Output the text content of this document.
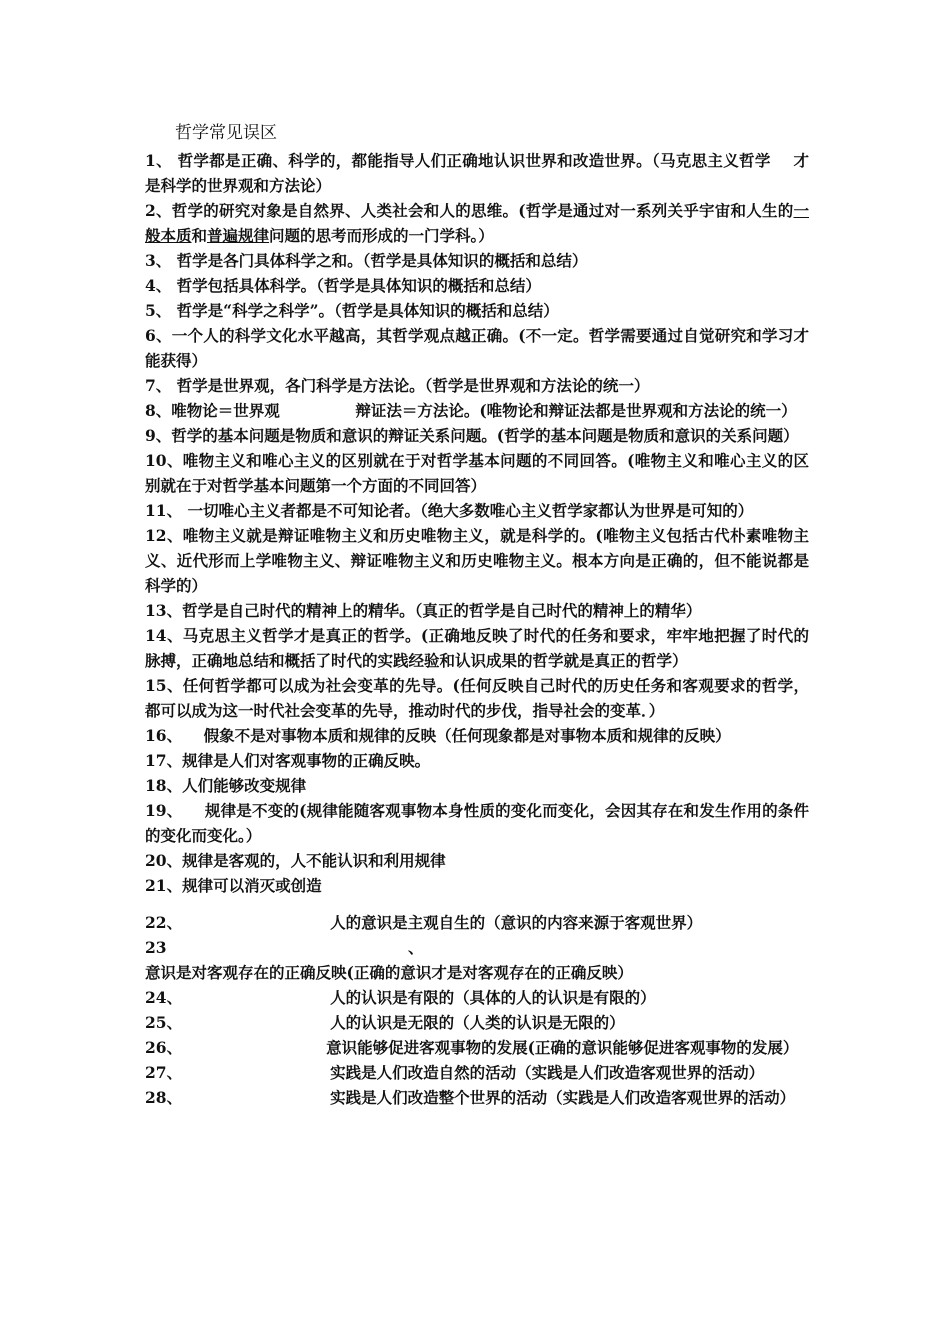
哲学常见误区

1、 哲学都是正确、科学的，都能指导人们正确地认识世界和改造世界。（马克思主义哲学    才是科学的世界观和方法论）

2、哲学的研究对象是自然界、人类社会和人的思维。(哲学是通过对一系列关乎宇宙和人生的一般本质和普遍规律问题的思考而形成的一门学科。）

3、 哲学是各门具体科学之和。（哲学是具体知识的概括和总结）

4、 哲学包括具体科学。（哲学是具体知识的概括和总结）

5、 哲学是“科学之科学”。（哲学是具体知识的概括和总结）

6、一个人的科学文化水平越高，其哲学观点越正确。(不一定。哲学需要通过自觉研究和学习才能获得）

7、 哲学是世界观，各门科学是方法论。（哲学是世界观和方法论的统一）

8、唯物论＝世界观              辩证法＝方法论。(唯物论和辩证法都是世界观和方法论的统一）

9、哲学的基本问题是物质和意识的辩证关系问题。(哲学的基本问题是物质和意识的关系问题）

10、唯物主义和唯心主义的区别就在于对哲学基本问题的不同回答。(唯物主义和唯心主义的区别就在于对哲学基本问题第一个方面的不同回答）

11、 一切唯心主义者都是不可知论者。（绝大多数唯心主义哲学家都认为世界是可知的）

12、唯物主义就是辩证唯物主义和历史唯物主义，就是科学的。(唯物主义包括古代朴素唯物主义、近代形而上学唯物主义、辩证唯物主义和历史唯物主义。根本方向是正确的，但不能说都是科学的）

13、哲学是自己时代的精神上的精华。（真正的哲学是自己时代的精神上的精华）

14、马克思主义哲学才是真正的哲学。(正确地反映了时代的任务和要求，牢牢地把握了时代的脉搏，正确地总结和概括了时代的实践经验和认识成果的哲学就是真正的哲学）

15、任何哲学都可以成为社会变革的先导。(任何反映自己时代的历史任务和客观要求的哲学，都可以成为这一时代社会变革的先导，推动时代的步伐，指导社会的变革．）

16、    假象不是对事物本质和规律的反映（任何现象都是对事物本质和规律的反映）

17、规律是人们对客观事物的正确反映。

18、人们能够改变规律

19、    规律是不变的(规律能随客观事物本身性质的变化而变化，会因其存在和发生作用的条件的变化而变化。）

20、规律是客观的，人不能认识和利用规律

21、规律可以消灭或创造

22、	人的意识是主观自生的（意识的内容来源于客观世界）

23、意识是对客观存在的正确反映(正确的意识才是对客观存在的正确反映）

24、	人的认识是有限的（具体的人的认识是有限的）

25、	人的认识是无限的（人类的认识是无限的）

26、	意识能够促进客观事物的发展(正确的意识能够促进客观事物的发展）

27、	实践是人们改造自然的活动（实践是人们改造客观世界的活动）

28、	实践是人们改造整个世界的活动（实践是人们改造客观世界的活动）
